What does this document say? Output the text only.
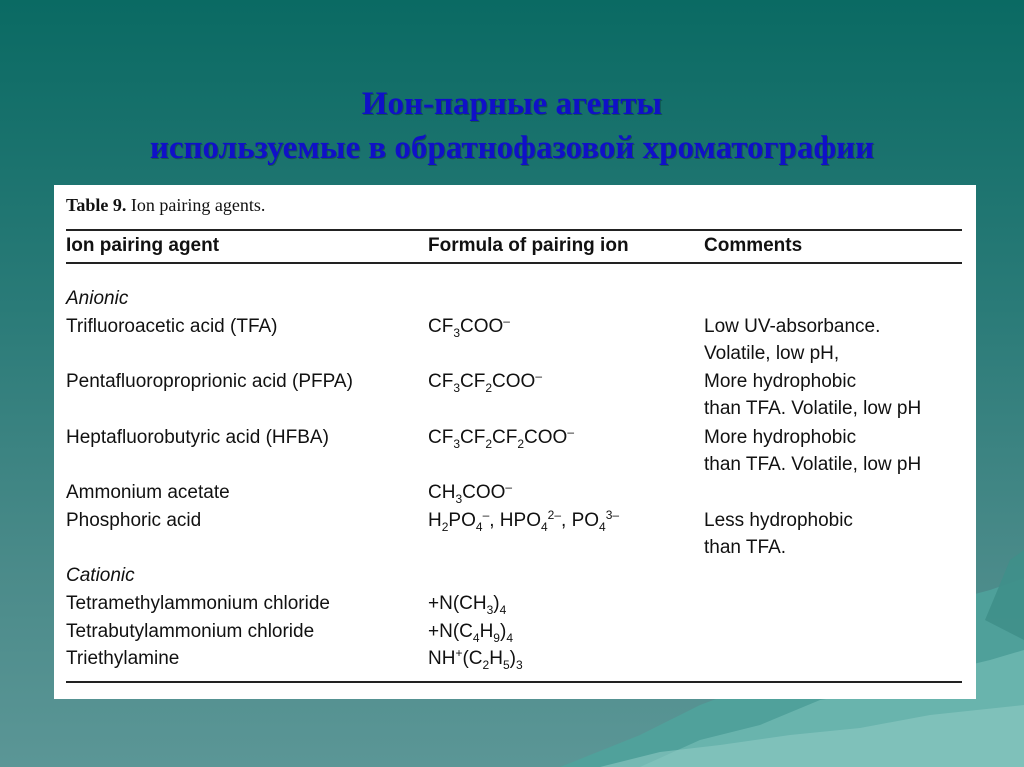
Ион-парные агенты
используемые в обратнофазовой хроматографии
Table 9. Ion pairing agents.
Ion pairing agent	Formula of pairing ion	Comments
Anionic
Trifluoroacetic acid (TFA)
Pentafluoroproprionic acid (PFPA)
Heptafluorobutyric acid (HFBA)
Ammonium acetate
Phosphoric acid
Cationic
Tetramethylammonium chloride
Tetrabutylammonium chloride
Triethylamine
$CF_3COO^-$
$CF_3CF_2COO^-$
$CF_3CF_2CF_2COO^-$
$CH_3COO^-$
$H_2PO_4^-$, $HPO_4^{2-}$, $PO_4^{3-}$
$+N(CH_3)_4$
$+N(C_4H_9)_4$
$NH^+(C_2H_5)_3$
Low UV-absorbance.
Volatile, low pH,
More hydrophobic
than TFA. Volatile, low pH
More hydrophobic
than TFA. Volatile, low pH
Less hydrophobic
than TFA.
